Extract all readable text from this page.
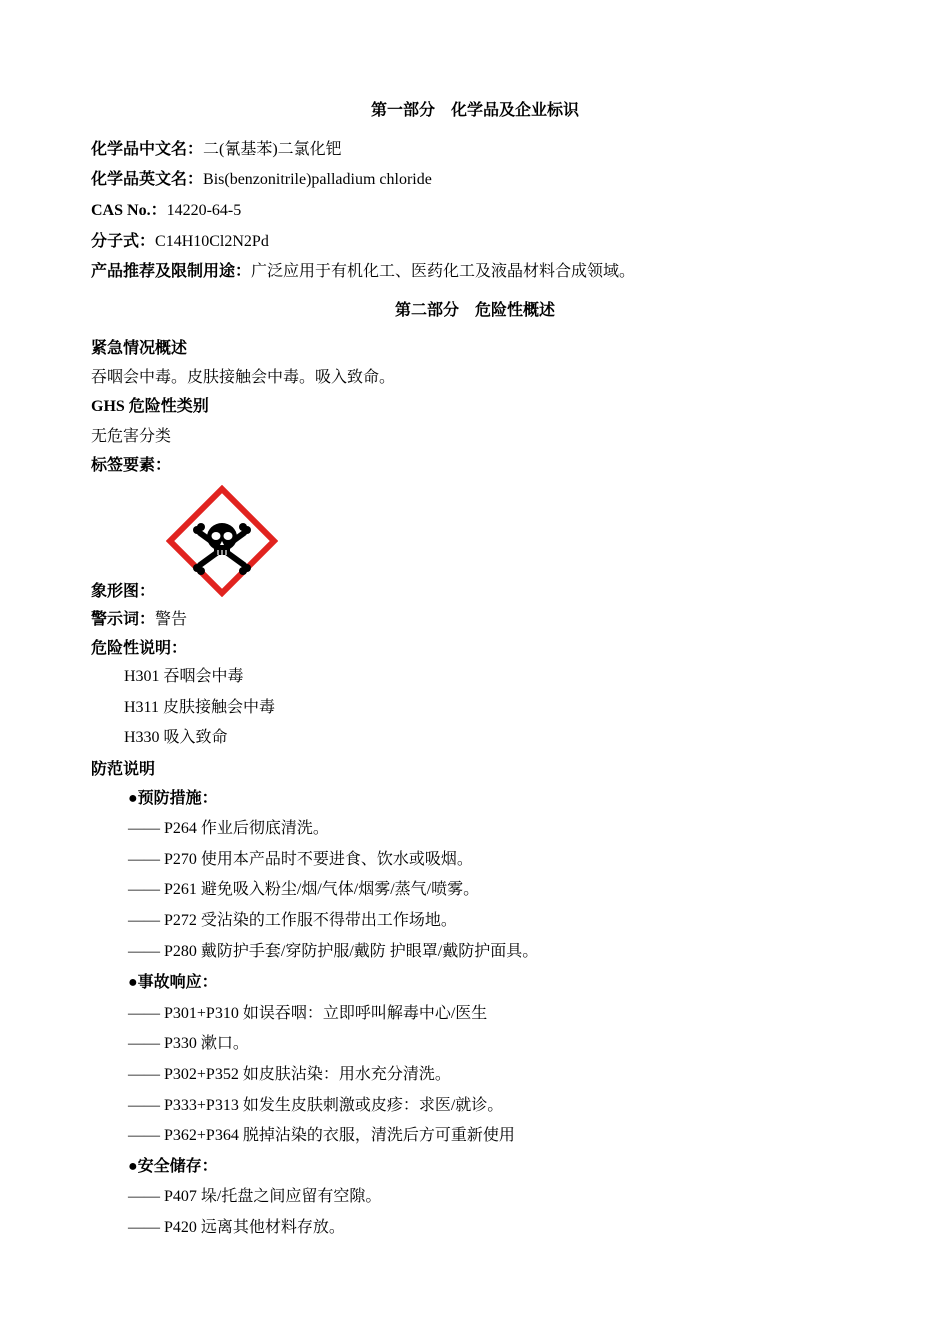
第一部分　化学品及企业标识
化学品中文名：二(氰基苯)二氯化钯
化学品英文名：Bis(benzonitrile)palladium chloride
CAS No.：14220-64-5
分子式：C14H10Cl2N2Pd
产品推荐及限制用途：广泛应用于有机化工、医药化工及液晶材料合成领域。
第二部分　危险性概述
紧急情况概述
吞咽会中毒。皮肤接触会中毒。吸入致命。
GHS 危险性类别
无危害分类
标签要素：
象形图：
警示词：警告
危险性说明：
H301 吞咽会中毒
H311 皮肤接触会中毒
H330 吸入致命
防范说明
●预防措施：
—— P264 作业后彻底清洗。
—— P270 使用本产品时不要进食、饮水或吸烟。
—— P261 避免吸入粉尘/烟/气体/烟雾/蒸气/喷雾。
—— P272 受沾染的工作服不得带出工作场地。
—— P280 戴防护手套/穿防护服/戴防 护眼罩/戴防护面具。
●事故响应：
—— P301+P310 如误吞咽：立即呼叫解毒中心/医生
—— P330 漱口。
—— P302+P352 如皮肤沾染：用水充分清洗。
—— P333+P313 如发生皮肤刺激或皮疹：求医/就诊。
—— P362+P364 脱掉沾染的衣服，清洗后方可重新使用
●安全储存：
—— P407 垛/托盘之间应留有空隙。
—— P420 远离其他材料存放。
